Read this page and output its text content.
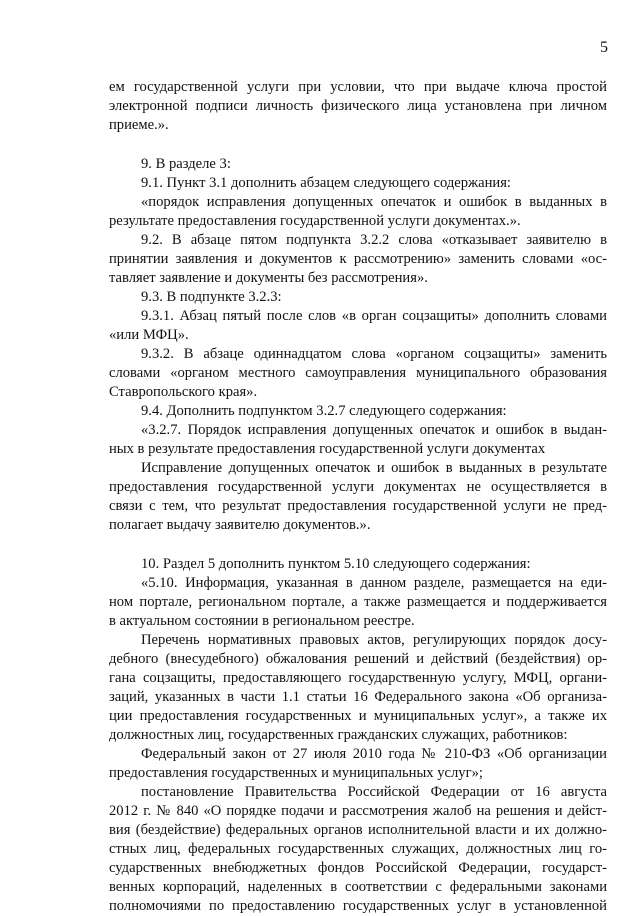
5
ем государственной услуги при условии, что при выдаче ключа простой
электронной подписи личность физического лица установлена при личном
приеме.».
9. В разделе 3:
9.1. Пункт 3.1 дополнить абзацем следующего содержания:
«порядок исправления допущенных опечаток и ошибок в выданных в
результате предоставления государственной услуги документах.».
9.2. В абзаце пятом подпункта 3.2.2 слова «отказывает заявителю в
принятии заявления и документов к рассмотрению» заменить словами «ос-
тавляет заявление и документы без рассмотрения».
9.3. В подпункте 3.2.3:
9.3.1. Абзац пятый после слов «в орган соцзащиты» дополнить словами
«или МФЦ».
9.3.2. В абзаце одиннадцатом слова «органом соцзащиты» заменить
словами «органом местного самоуправления муниципального образования
Ставропольского края».
9.4. Дополнить подпунктом 3.2.7 следующего содержания:
«3.2.7. Порядок исправления допущенных опечаток и ошибок в выдан-
ных в результате предоставления государственной услуги документах
Исправление допущенных опечаток и ошибок в выданных в результате
предоставления государственной услуги документах не осуществляется в
связи с тем, что результат предоставления государственной услуги не пред-
полагает выдачу заявителю документов.».
10. Раздел 5 дополнить пунктом 5.10 следующего содержания:
«5.10. Информация, указанная в данном разделе, размещается на еди-
ном портале, региональном портале, а также размещается и поддерживается
в актуальном состоянии в региональном реестре.
Перечень нормативных правовых актов, регулирующих порядок досу-
дебного (внесудебного) обжалования решений и действий (бездействия) ор-
гана соцзащиты, предоставляющего государственную услугу, МФЦ, органи-
заций, указанных в части 1.1 статьи 16 Федерального закона «Об организа-
ции предоставления государственных и муниципальных услуг», а также их
должностных лиц, государственных гражданских служащих, работников:
Федеральный закон от 27 июля 2010 года № 210-ФЗ «Об организации
предоставления государственных и муниципальных услуг»;
постановление Правительства Российской Федерации от 16 августа
2012 г. № 840 «О порядке подачи и рассмотрения жалоб на решения и дейст-
вия (бездействие) федеральных органов исполнительной власти и их должно-
стных лиц, федеральных государственных служащих, должностных лиц го-
сударственных внебюджетных фондов Российской Федерации, государст-
венных корпораций, наделенных в соответствии с федеральными законами
полномочиями по предоставлению государственных услуг в установленной
